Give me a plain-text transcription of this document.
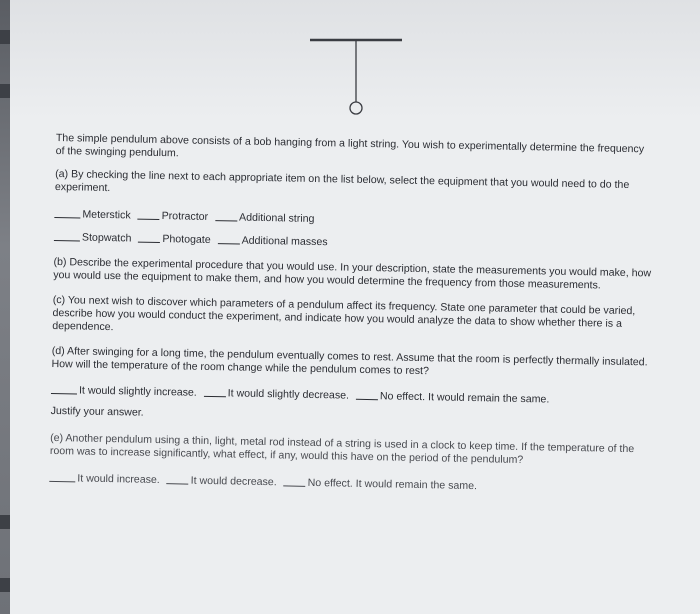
The simple pendulum above consists of a bob hanging from a light string. You wish to experimentally determine the frequency of the swinging pendulum.

(a) By checking the line next to each appropriate item on the list below, select the equipment that you would need to do the experiment.

Meterstick	Protractor	Additional string
Stopwatch	Photogate	Additional masses

(b) Describe the experimental procedure that you would use. In your description, state the measurements you would make, how you would use the equipment to make them, and how you would determine the frequency from those measurements.

(c) You next wish to discover which parameters of a pendulum affect its frequency. State one parameter that could be varied, describe how you would conduct the experiment, and indicate how you would analyze the data to show whether there is a dependence.

(d) After swinging for a long time, the pendulum eventually comes to rest. Assume that the room is perfectly thermally insulated. How will the temperature of the room change while the pendulum comes to rest?

It would slightly increase.	It would slightly decrease.	No effect. It would remain the same.

Justify your answer.

(e) Another pendulum using a thin, light, metal rod instead of a string is used in a clock to keep time. If the temperature of the room was to increase significantly, what effect, if any, would this have on the period of the pendulum?

It would increase.	It would decrease.	No effect. It would remain the same.
